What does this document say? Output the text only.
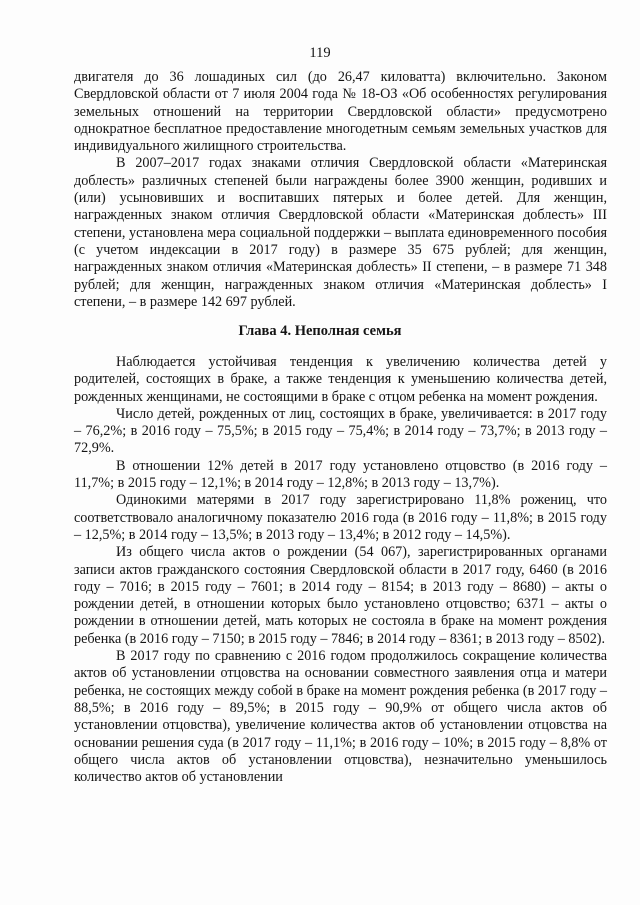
119

двигателя до 36 лошадиных сил (до 26,47 киловатта) включительно. Законом Свердловской области от 7 июля 2004 года № 18-ОЗ «Об особенностях регулирования земельных отношений на территории Свердловской области» предусмотрено однократное бесплатное предоставление многодетным семьям земельных участков для индивидуального жилищного строительства.

В 2007–2017 годах знаками отличия Свердловской области «Материнская доблесть» различных степеней были награждены более 3900 женщин, родивших и (или) усыновивших и воспитавших пятерых и более детей. Для женщин, награжденных знаком отличия Свердловской области «Материнская доблесть» III степени, установлена мера социальной поддержки – выплата единовременного пособия (с учетом индексации в 2017 году) в размере 35 675 рублей; для женщин, награжденных знаком отличия «Материнская доблесть» II степени, – в размере 71 348 рублей; для женщин, награжденных знаком отличия «Материнская доблесть» I степени, – в размере 142 697 рублей.

Глава 4. Неполная семья

Наблюдается устойчивая тенденция к увеличению количества детей у родителей, состоящих в браке, а также тенденция к уменьшению количества детей, рожденных женщинами, не состоящими в браке с отцом ребенка на момент рождения.

Число детей, рожденных от лиц, состоящих в браке, увеличивается: в 2017 году – 76,2%; в 2016 году – 75,5%; в 2015 году – 75,4%; в 2014 году – 73,7%; в 2013 году – 72,9%.

В отношении 12% детей в 2017 году установлено отцовство (в 2016 году – 11,7%; в 2015 году – 12,1%; в 2014 году – 12,8%; в 2013 году – 13,7%).

Одинокими матерями в 2017 году зарегистрировано 11,8% рожениц, что соответствовало аналогичному показателю 2016 года (в 2016 году – 11,8%; в 2015 году – 12,5%; в 2014 году – 13,5%; в 2013 году – 13,4%; в 2012 году – 14,5%).

Из общего числа актов о рождении (54 067), зарегистрированных органами записи актов гражданского состояния Свердловской области в 2017 году, 6460 (в 2016 году – 7016; в 2015 году – 7601; в 2014 году – 8154; в 2013 году – 8680) – акты о рождении детей, в отношении которых было установлено отцовство; 6371 – акты о рождении в отношении детей, мать которых не состояла в браке на момент рождения ребенка (в 2016 году – 7150; в 2015 году – 7846; в 2014 году – 8361; в 2013 году – 8502).

В 2017 году по сравнению с 2016 годом продолжилось сокращение количества актов об установлении отцовства на основании совместного заявления отца и матери ребенка, не состоящих между собой в браке на момент рождения ребенка (в 2017 году – 88,5%; в 2016 году – 89,5%; в 2015 году – 90,9% от общего числа актов об установлении отцовства), увеличение количества актов об установлении отцовства на основании решения суда (в 2017 году – 11,1%; в 2016 году – 10%; в 2015 году – 8,8% от общего числа актов об установлении отцовства), незначительно уменьшилось количество актов об установлении
